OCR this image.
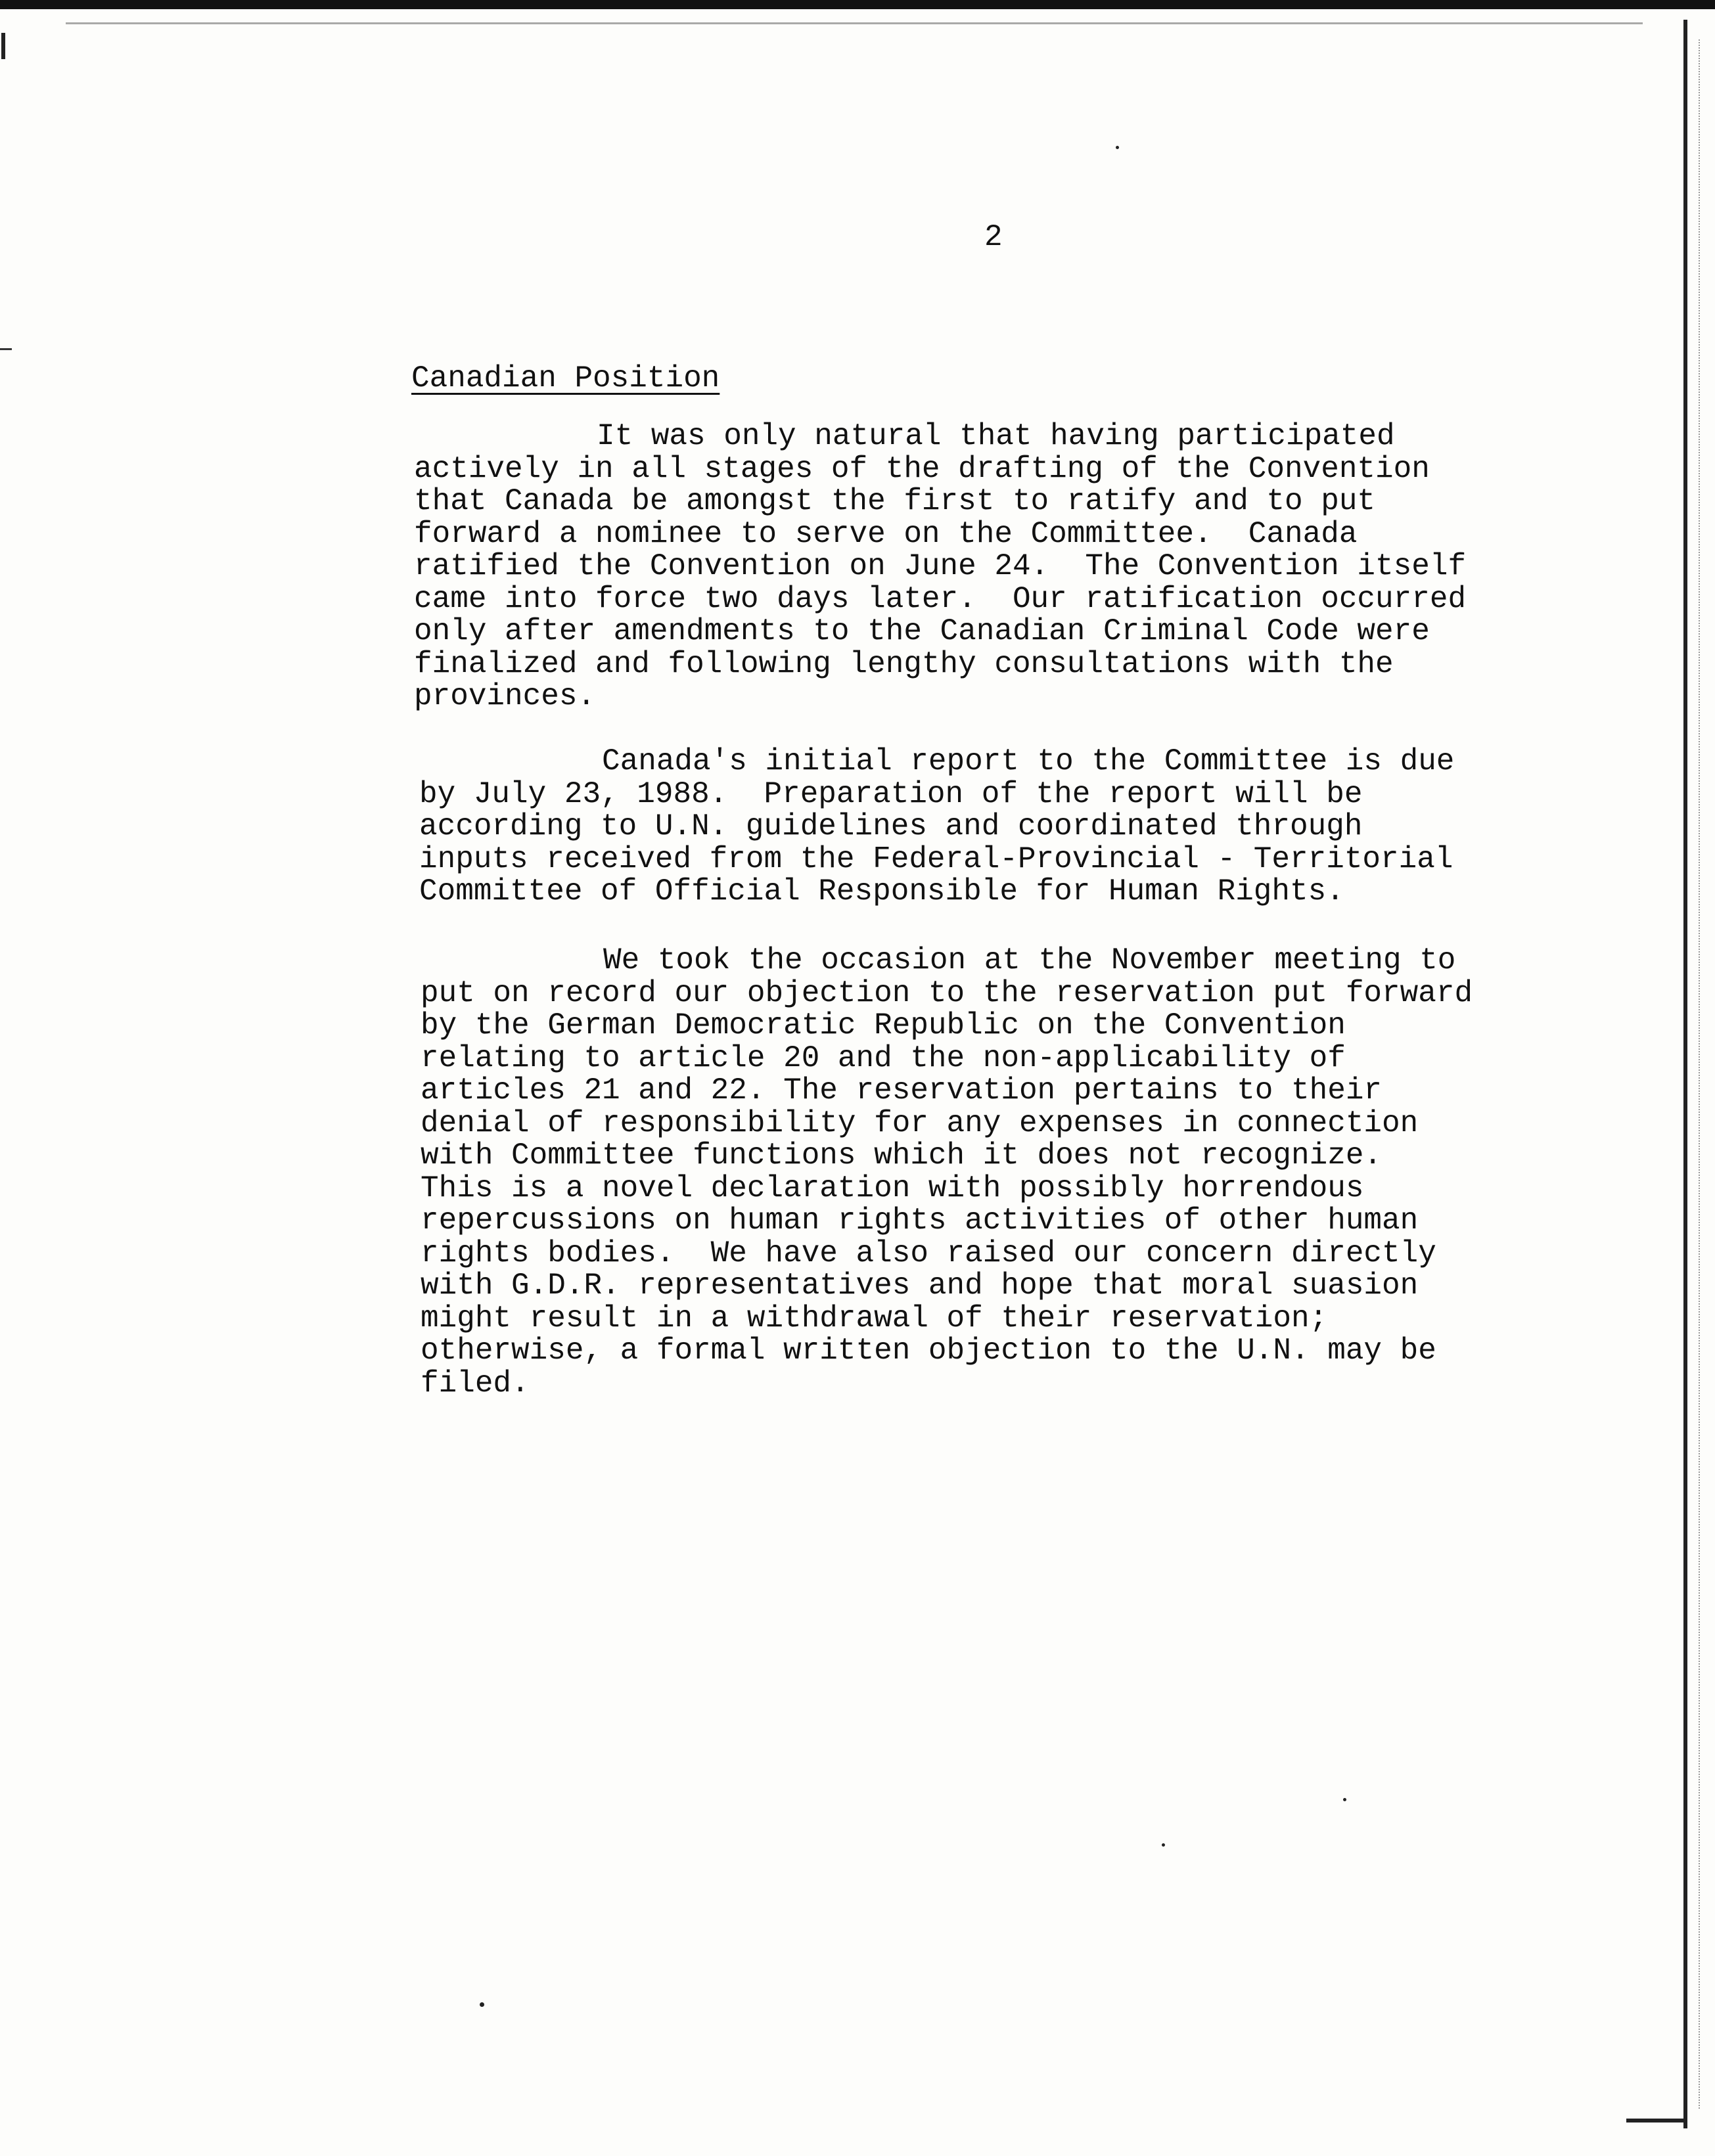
2
Canadian Position
It was only natural that having participated
actively in all stages of the drafting of the Convention
that Canada be amongst the first to ratify and to put
forward a nominee to serve on the Committee.  Canada
ratified the Convention on June 24.  The Convention itself
came into force two days later.  Our ratification occurred
only after amendments to the Canadian Criminal Code were
finalized and following lengthy consultations with the
provinces.
Canada's initial report to the Committee is due
by July 23, 1988.  Preparation of the report will be
according to U.N. guidelines and coordinated through
inputs received from the Federal-Provincial - Territorial
Committee of Official Responsible for Human Rights.
We took the occasion at the November meeting to
put on record our objection to the reservation put forward
by the German Democratic Republic on the Convention
relating to article 20 and the non-applicability of
articles 21 and 22. The reservation pertains to their
denial of responsibility for any expenses in connection
with Committee functions which it does not recognize.
This is a novel declaration with possibly horrendous
repercussions on human rights activities of other human
rights bodies.  We have also raised our concern directly
with G.D.R. representatives and hope that moral suasion
might result in a withdrawal of their reservation;
otherwise, a formal written objection to the U.N. may be
filed.
